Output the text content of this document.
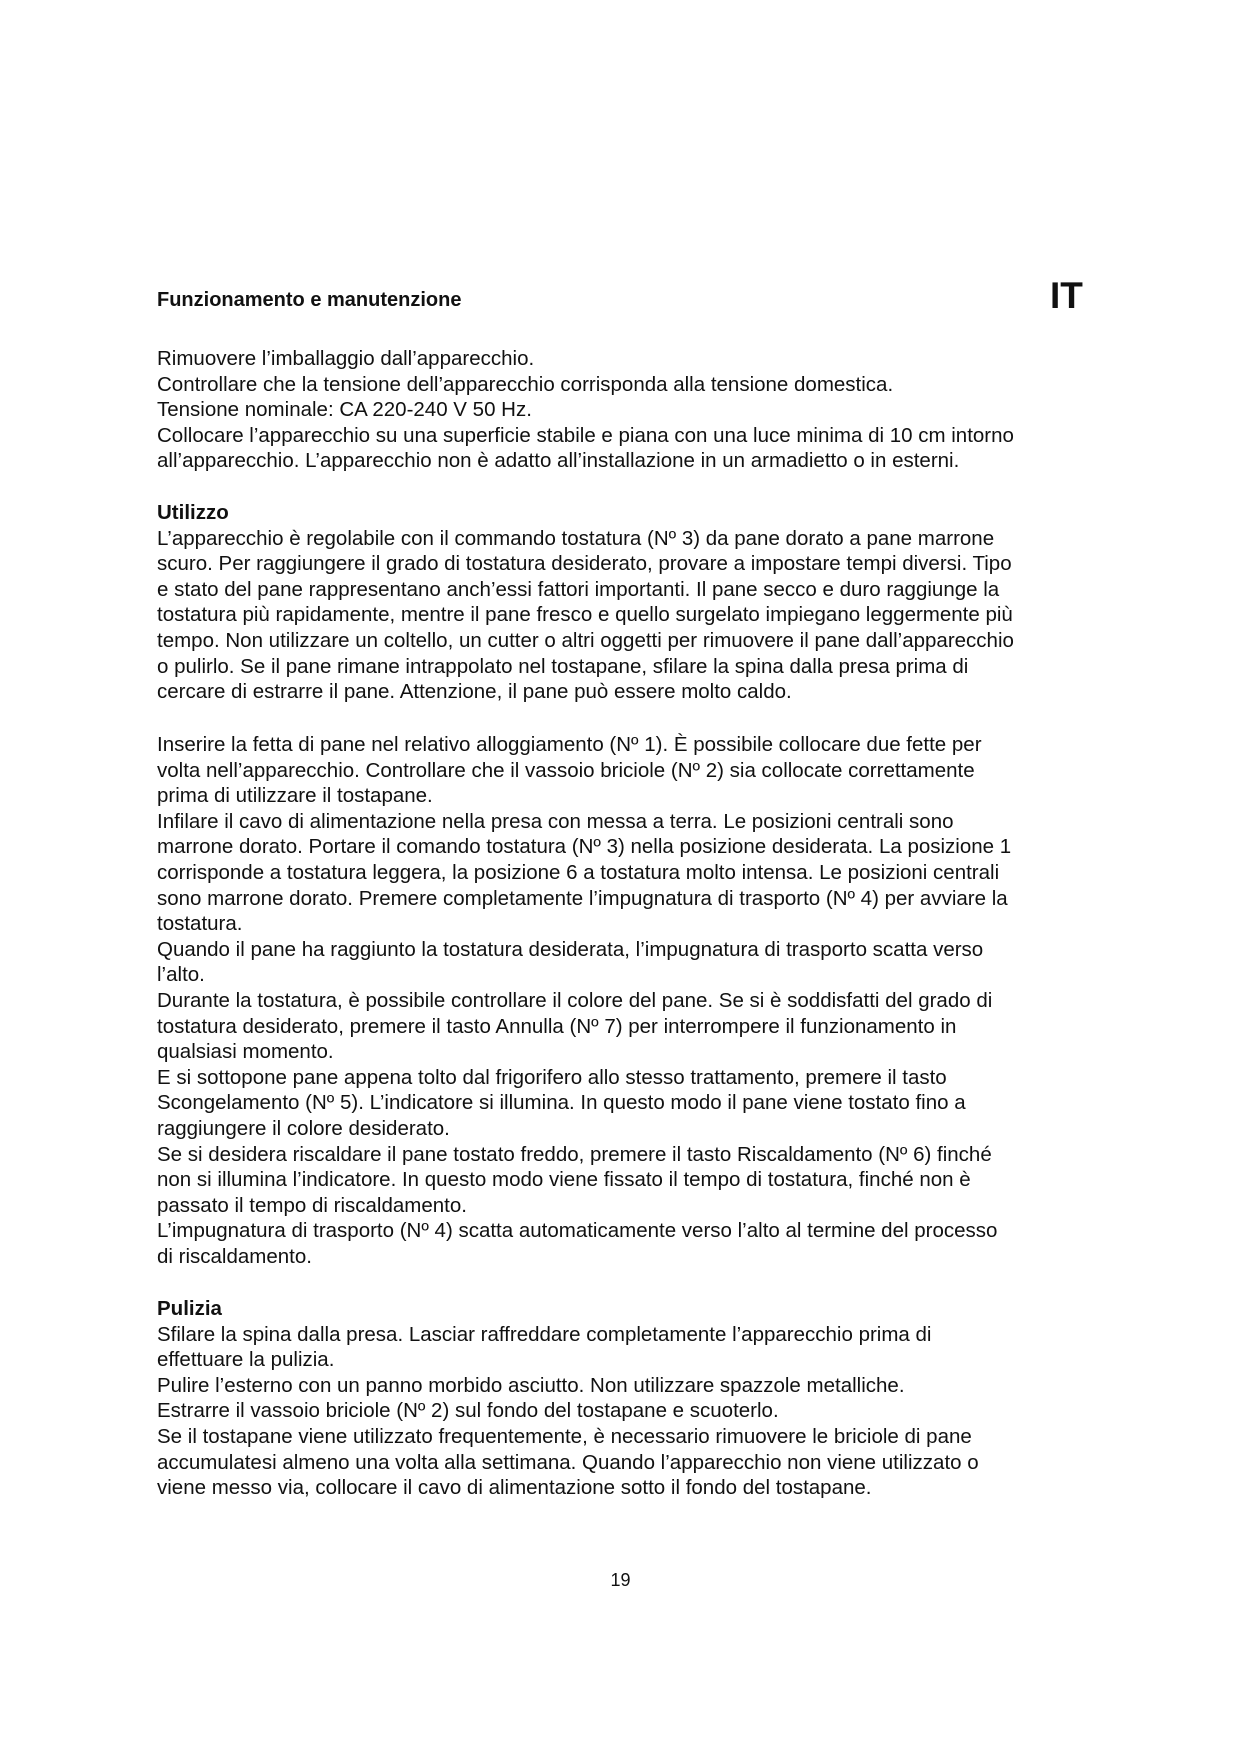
Funzionamento e manutenzione	IT

Rimuovere l’imballaggio dall’apparecchio.

Controllare che la tensione dell’apparecchio corrisponda alla tensione domestica.

Tensione nominale: CA 220-240 V 50 Hz.

Collocare l’apparecchio su una superficie stabile e piana con una luce minima di 10 cm intorno

all’apparecchio. L’apparecchio non è adatto all’installazione in un armadietto o in esterni.

Utilizzo

L’apparecchio è regolabile con il commando tostatura (Nº 3) da pane dorato a pane marrone

scuro. Per raggiungere il grado di tostatura desiderato, provare a impostare tempi diversi. Tipo

e stato del pane rappresentano anch’essi fattori importanti. Il pane secco e duro raggiunge la

tostatura più rapidamente, mentre il pane fresco e quello surgelato impiegano leggermente più

tempo. Non utilizzare un coltello, un cutter o altri oggetti per rimuovere il pane dall’apparecchio

o pulirlo. Se il pane rimane intrappolato nel tostapane, sfilare la spina dalla presa prima di

cercare di estrarre il pane. Attenzione, il pane può essere molto caldo.

Inserire la fetta di pane nel relativo alloggiamento (Nº 1). È possibile collocare due fette per

volta nell’apparecchio. Controllare che il vassoio briciole (Nº 2) sia collocate correttamente

prima di utilizzare il tostapane.

Infilare il cavo di alimentazione nella presa con messa a terra. Le posizioni centrali sono

marrone dorato. Portare il comando tostatura (Nº 3) nella posizione desiderata. La posizione 1

corrisponde a tostatura leggera, la posizione 6 a tostatura molto intensa. Le posizioni centrali

sono marrone dorato. Premere completamente l’impugnatura di trasporto (Nº 4) per avviare la

tostatura.

Quando il pane ha raggiunto la tostatura desiderata, l’impugnatura di trasporto scatta verso

l’alto.

Durante la tostatura, è possibile controllare il colore del pane. Se si è soddisfatti del grado di

tostatura desiderato, premere il tasto Annulla (Nº 7) per interrompere il funzionamento in

qualsiasi momento.

E si sottopone pane appena tolto dal frigorifero allo stesso trattamento, premere il tasto

Scongelamento (Nº 5). L’indicatore si illumina. In questo modo il pane viene tostato fino a

raggiungere il colore desiderato.

Se si desidera riscaldare il pane tostato freddo, premere il tasto Riscaldamento (Nº 6) finché

non si illumina l’indicatore. In questo modo viene fissato il tempo di tostatura, finché non è

passato il tempo di riscaldamento.

L’impugnatura di trasporto (Nº 4) scatta automaticamente verso l’alto al termine del processo

di riscaldamento.

Pulizia

Sfilare la spina dalla presa. Lasciar raffreddare completamente l’apparecchio prima di

effettuare la pulizia.

Pulire l’esterno con un panno morbido asciutto. Non utilizzare spazzole metalliche.

Estrarre il vassoio briciole (Nº 2) sul fondo del tostapane e scuoterlo.

Se il tostapane viene utilizzato frequentemente, è necessario rimuovere le briciole di pane

accumulatesi almeno una volta alla settimana. Quando l’apparecchio non viene utilizzato o

viene messo via, collocare il cavo di alimentazione sotto il fondo del tostapane.

19
